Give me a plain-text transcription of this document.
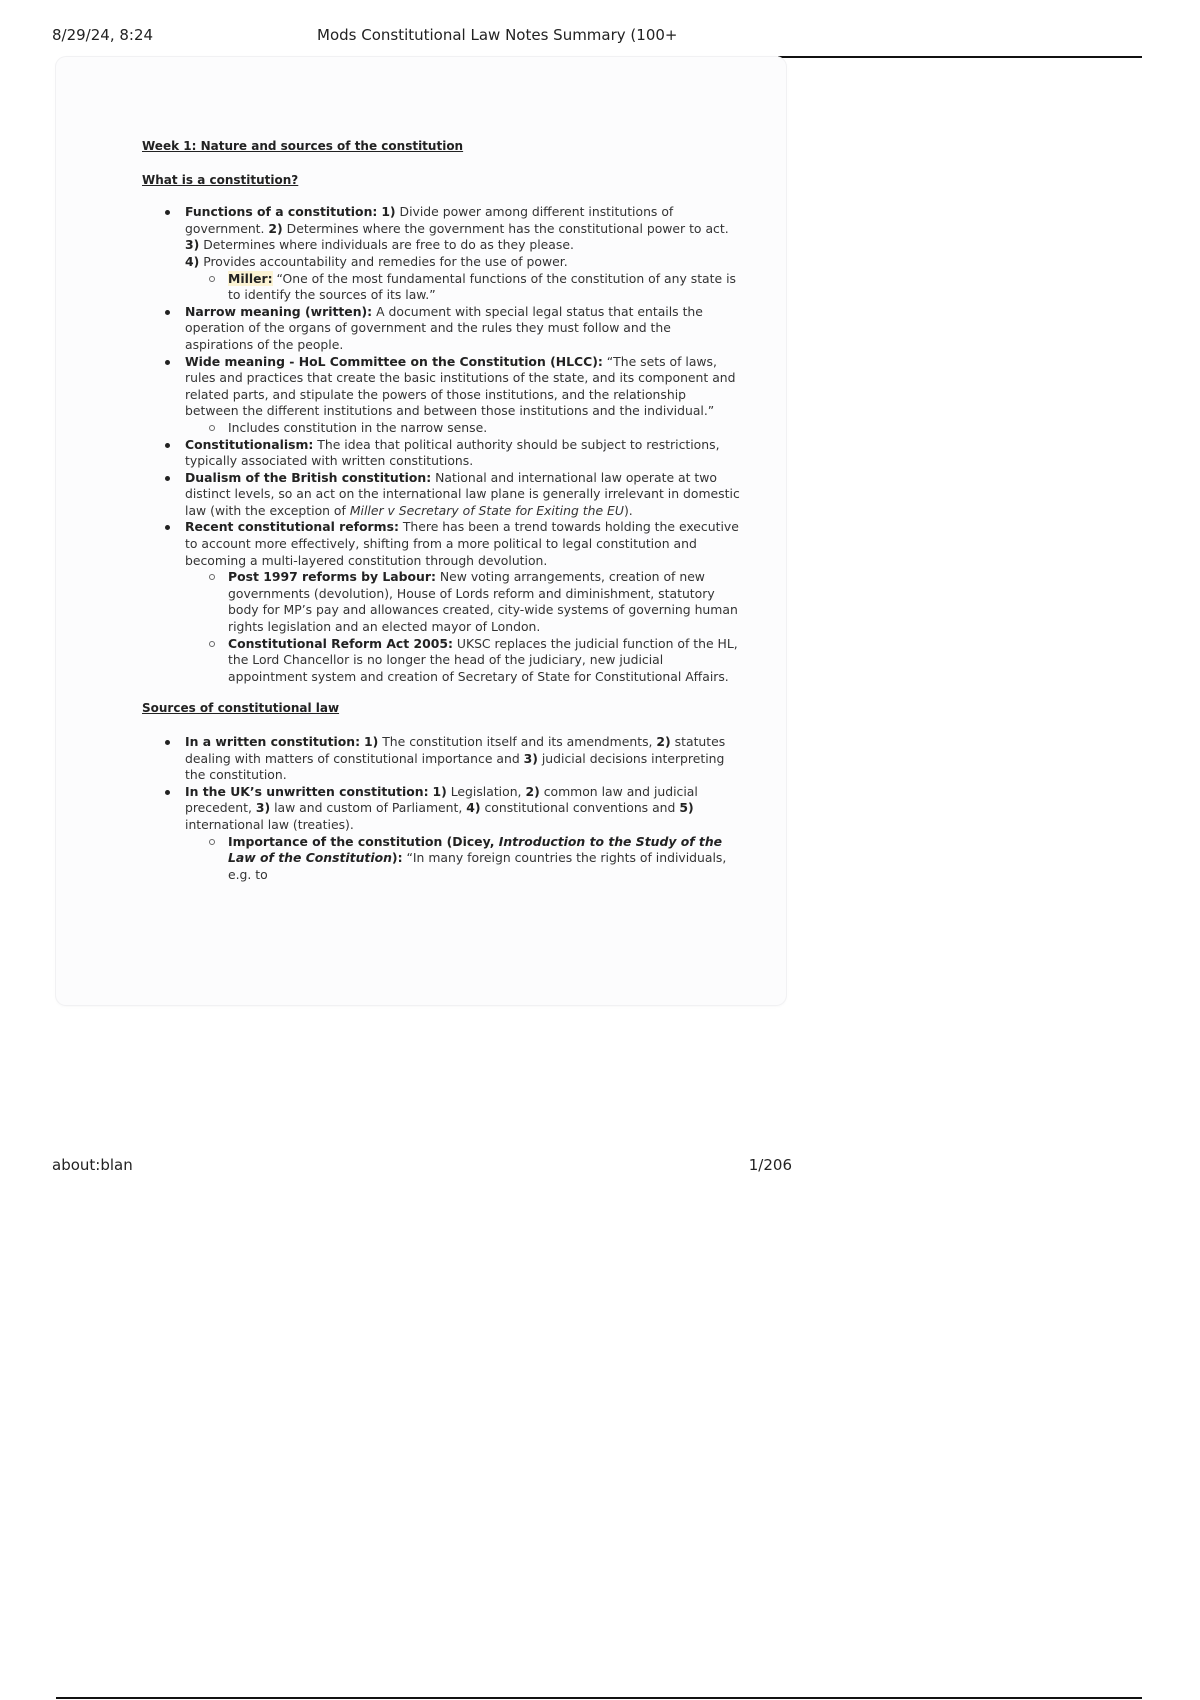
8/29/24, 8:24	Mods Constitutional Law Notes Summary (100+

Week 1: Nature and sources of the constitution

What is a constitution?

Functions of a constitution: 1) Divide power among different institutions of government. 2) Determines where the government has the constitutional power to act. 3) Determines where individuals are free to do as they please.
4) Provides accountability and remedies for the use of power.
Miller: “One of the most fundamental functions of the constitution of any state is to identify the sources of its law.”
Narrow meaning (written): A document with special legal status that entails the operation of the organs of government and the rules they must follow and the aspirations of the people.
Wide meaning - HoL Committee on the Constitution (HLCC): “The sets of laws, rules and practices that create the basic institutions of the state, and its component and related parts, and stipulate the powers of those institutions, and the relationship between the different institutions and between those institutions and the individual.”
Includes constitution in the narrow sense.
Constitutionalism: The idea that political authority should be subject to restrictions, typically associated with written constitutions.
Dualism of the British constitution: National and international law operate at two distinct levels, so an act on the international law plane is generally irrelevant in domestic law (with the exception of Miller v Secretary of State for Exiting the EU).
Recent constitutional reforms: There has been a trend towards holding the executive to account more effectively, shifting from a more political to legal constitution and becoming a multi-layered constitution through devolution.
Post 1997 reforms by Labour: New voting arrangements, creation of new governments (devolution), House of Lords reform and diminishment, statutory body for MP’s pay and allowances created, city-wide systems of governing human rights legislation and an elected mayor of London.
Constitutional Reform Act 2005: UKSC replaces the judicial function of the HL, the Lord Chancellor is no longer the head of the judiciary, new judicial appointment system and creation of Secretary of State for Constitutional Affairs.

Sources of constitutional law

In a written constitution: 1) The constitution itself and its amendments, 2) statutes dealing with matters of constitutional importance and 3) judicial decisions interpreting the constitution.
In the UK’s unwritten constitution: 1) Legislation, 2) common law and judicial precedent, 3) law and custom of Parliament, 4) constitutional conventions and 5) international law (treaties).
Importance of the constitution (Dicey, Introduction to the Study of the Law of the Constitution): “In many foreign countries the rights of individuals, e.g. to
about:blan	1/206
